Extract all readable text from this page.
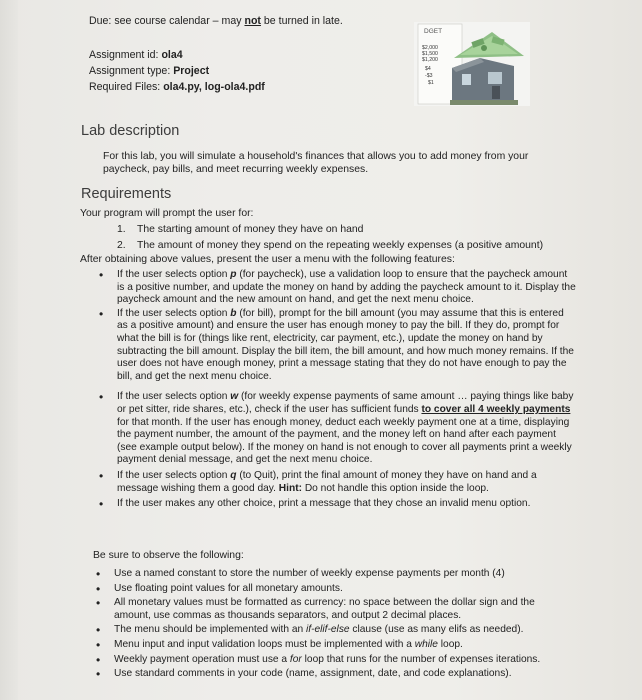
Due: see course calendar – may not be turned in late.
Assignment id: ola4
Assignment type: Project
Required Files: ola4.py, log-ola4.pdf
DGET
$2,000
$1,500
$1,200
$4
-$3
$1
Lab description
For this lab, you will simulate a household's finances that allows you to add money from your paycheck, pay bills, and meet recurring weekly expenses.
Requirements
Your program will prompt the user for:
1. The starting amount of money they have on hand
2. The amount of money they spend on the repeating weekly expenses (a positive amount)
After obtaining above values, present the user a menu with the following features:
• If the user selects option p (for paycheck), use a validation loop to ensure that the paycheck amount is a positive number, and update the money on hand by adding the paycheck amount to it. Display the paycheck amount and the new amount on hand, and get the next menu choice.
• If the user selects option b (for bill), prompt for the bill amount (you may assume that this is entered as a positive amount) and ensure the user has enough money to pay the bill. If they do, prompt for what the bill is for (things like rent, electricity, car payment, etc.), update the money on hand by subtracting the bill amount. Display the bill item, the bill amount, and how much money remains. If the user does not have enough money, print a message stating that they do not have enough to pay the bill, and get the next menu choice.
• If the user selects option w (for weekly expense payments of same amount … paying things like baby or pet sitter, ride shares, etc.), check if the user has sufficient funds to cover all 4 weekly payments for that month. If the user has enough money, deduct each weekly payment one at a time, displaying the payment number, the amount of the payment, and the money left on hand after each payment (see example output below). If the money on hand is not enough to cover all payments print a weekly payment denial message, and get the next menu choice.
• If the user selects option q (to Quit), print the final amount of money they have on hand and a message wishing them a good day. Hint: Do not handle this option inside the loop.
• If the user makes any other choice, print a message that they chose an invalid menu option.
Be sure to observe the following:
• Use a named constant to store the number of weekly expense payments per month (4)
• Use floating point values for all monetary amounts.
• All monetary values must be formatted as currency: no space between the dollar sign and the amount, use commas as thousands separators, and output 2 decimal places.
• The menu should be implemented with an if-elif-else clause (use as many elifs as needed).
• Menu input and input validation loops must be implemented with a while loop.
• Weekly payment operation must use a for loop that runs for the number of expenses iterations.
• Use standard comments in your code (name, assignment, date, and code explanations).
